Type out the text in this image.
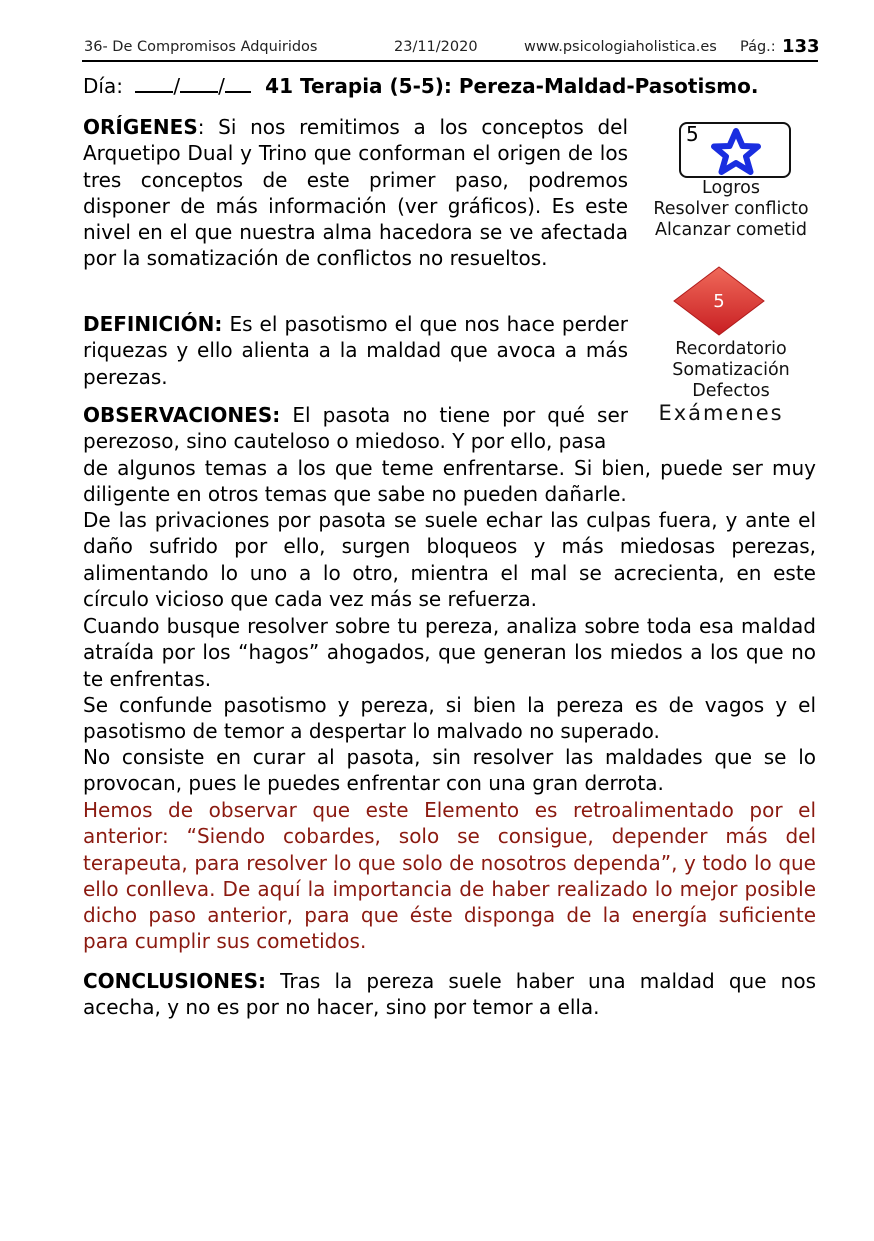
36- De Compromisos Adquiridos	23/11/2020	www.psicologiaholistica.es Pág.: 133
Día:	/ / 41 Terapia (5-5): Pereza-Maldad-Pasotismo.

ORÍGENES: Si nos remitimos a los conceptos del Arquetipo Dual y Trino que conforman el origen de los tres conceptos de este primer paso, podremos disponer de más información (ver gráficos). Es este nivel en el que nuestra alma hacedora se ve afectada por la somatización de conflictos no resueltos.

DEFINICIÓN: Es el pasotismo el que nos hace perder riquezas y ello alienta a la maldad que avoca a más perezas.

OBSERVACIONES: El pasota no tiene por qué ser perezoso, sino cauteloso o miedoso. Y por ello, pasa

de algunos temas a los que teme enfrentarse. Si bien, puede ser muy diligente en otros temas que sabe no pueden dañarle.

De las privaciones por pasota se suele echar las culpas fuera, y ante el daño sufrido por ello, surgen bloqueos y más miedosas perezas, alimentando lo uno a lo otro, mientra el mal se acrecienta, en este círculo vicioso que cada vez más se refuerza.

Cuando busque resolver sobre tu pereza, analiza sobre toda esa maldad atraída por los “hagos” ahogados, que generan los miedos a los que no te enfrentas.

Se confunde pasotismo y pereza, si bien la pereza es de vagos y el pasotismo de temor a despertar lo malvado no superado.

No consiste en curar al pasota, sin resolver las maldades que se lo provocan, pues le puedes enfrentar con una gran derrota.

Hemos de observar que este Elemento es retroalimentado por el anterior: “Siendo cobardes, solo se consigue, depender más del terapeuta, para resolver lo que solo de nosotros dependa”, y todo lo que ello conlleva. De aquí la importancia de haber realizado lo mejor posible dicho paso anterior, para que éste disponga de la energía suficiente para cumplir sus cometidos.

CONCLUSIONES: Tras la pereza suele haber una maldad que nos acecha, y no es por no hacer, sino por temor a ella.

5
Logros
Resolver conflicto
Alcanzar cometid
5
Recordatorio
Somatización
Defectos
Exámenes
